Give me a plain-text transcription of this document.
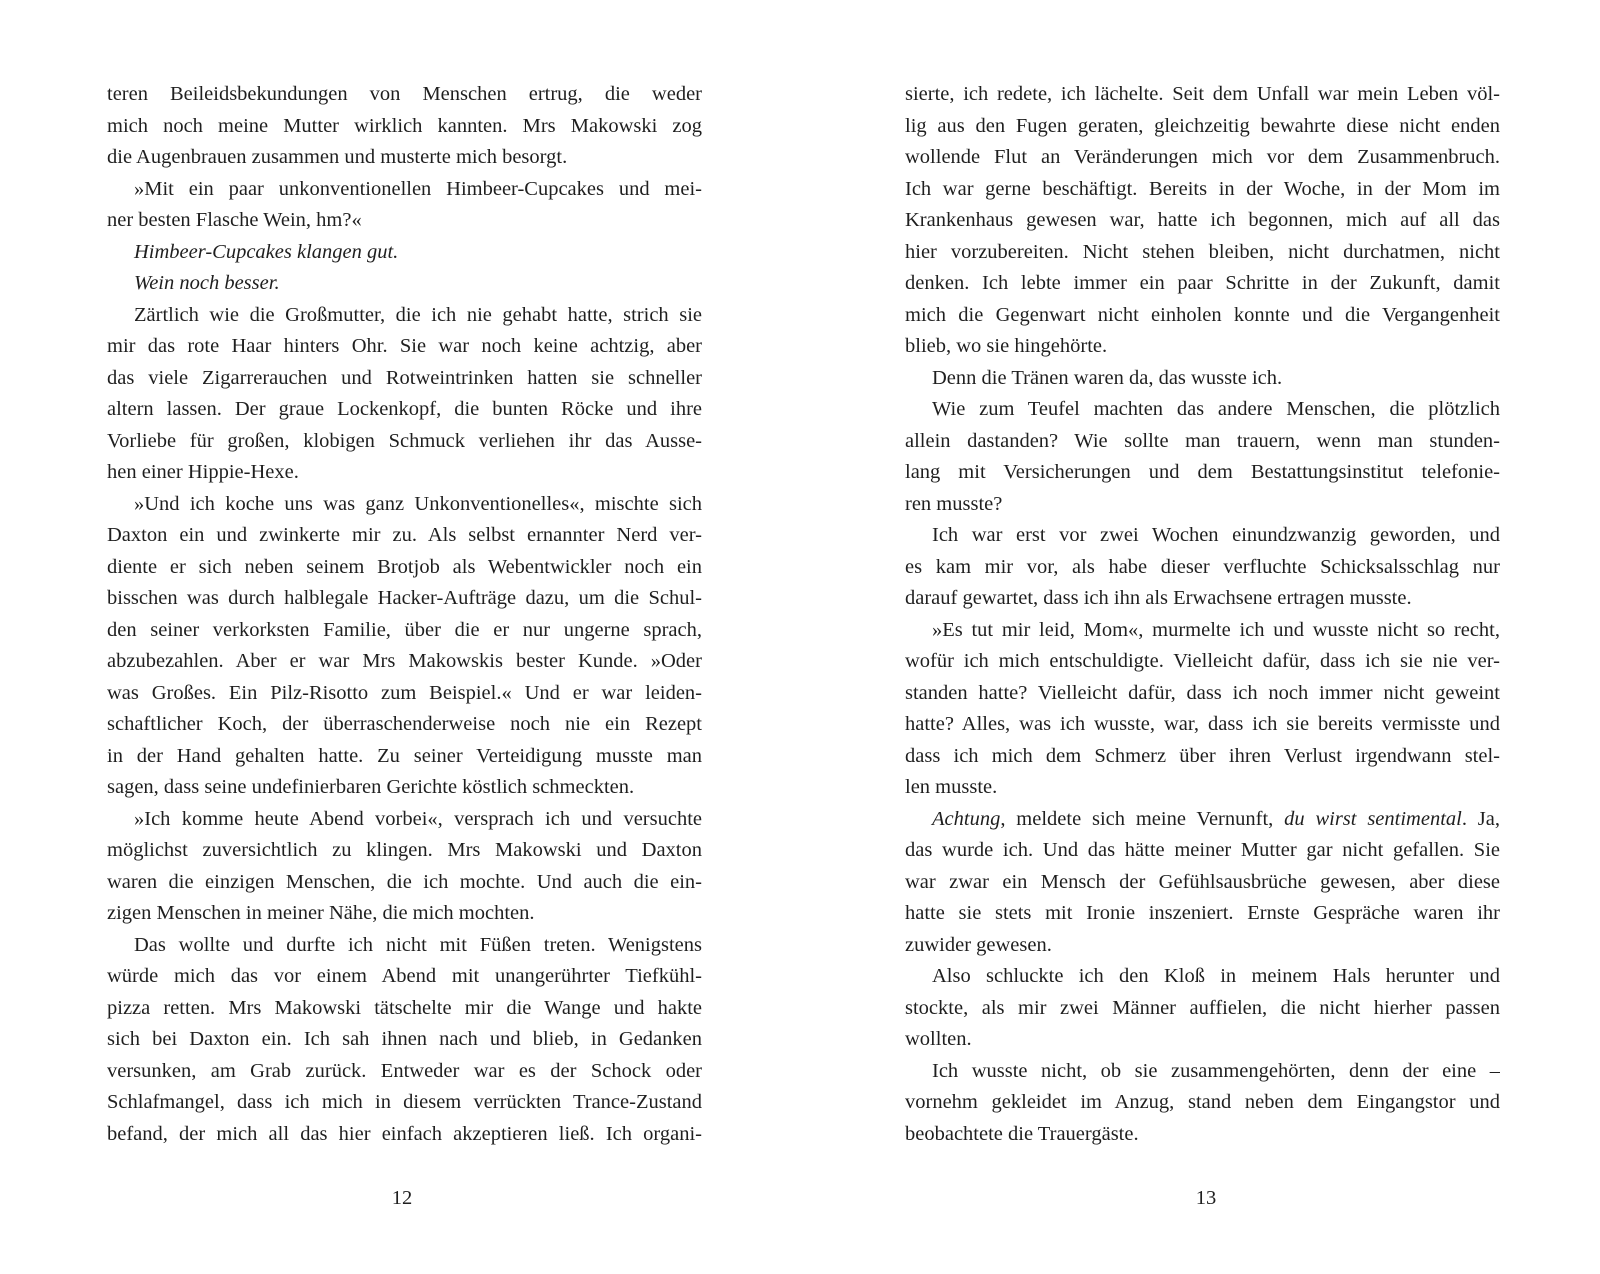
teren Beileidsbekundungen von Menschen ertrug, die weder
mich noch meine Mutter wirklich kannten. Mrs Makowski zog
die Augenbrauen zusammen und musterte mich besorgt.
»Mit ein paar unkonventionellen Himbeer-Cupcakes und mei-
ner besten Flasche Wein, hm?«
Himbeer-Cupcakes klangen gut.
Wein noch besser.
Zärtlich wie die Großmutter, die ich nie gehabt hatte, strich sie
mir das rote Haar hinters Ohr. Sie war noch keine achtzig, aber
das viele Zigarrerauchen und Rotweintrinken hatten sie schneller
altern lassen. Der graue Lockenkopf, die bunten Röcke und ihre
Vorliebe für großen, klobigen Schmuck verliehen ihr das Ausse-
hen einer Hippie-Hexe.
»Und ich koche uns was ganz Unkonventionelles«, mischte sich
Daxton ein und zwinkerte mir zu. Als selbst ernannter Nerd ver-
diente er sich neben seinem Brotjob als Webentwickler noch ein
bisschen was durch halblegale Hacker-Aufträge dazu, um die Schul-
den seiner verkorksten Familie, über die er nur ungerne sprach,
abzubezahlen. Aber er war Mrs Makowskis bester Kunde. »Oder
was Großes. Ein Pilz-Risotto zum Beispiel.« Und er war leiden-
schaftlicher Koch, der überraschenderweise noch nie ein Rezept
in der Hand gehalten hatte. Zu seiner Verteidigung musste man
sagen, dass seine undefinierbaren Gerichte köstlich schmeckten.
»Ich komme heute Abend vorbei«, versprach ich und versuchte
möglichst zuversichtlich zu klingen. Mrs Makowski und Daxton
waren die einzigen Menschen, die ich mochte. Und auch die ein-
zigen Menschen in meiner Nähe, die mich mochten.
Das wollte und durfte ich nicht mit Füßen treten. Wenigstens
würde mich das vor einem Abend mit unangerührter Tiefkühl-
pizza retten. Mrs Makowski tätschelte mir die Wange und hakte
sich bei Daxton ein. Ich sah ihnen nach und blieb, in Gedanken
versunken, am Grab zurück. Entweder war es der Schock oder
Schlafmangel, dass ich mich in diesem verrückten Trance-Zustand
befand, der mich all das hier einfach akzeptieren ließ. Ich organi-
sierte, ich redete, ich lächelte. Seit dem Unfall war mein Leben völ-
lig aus den Fugen geraten, gleichzeitig bewahrte diese nicht enden
wollende Flut an Veränderungen mich vor dem Zusammenbruch.
Ich war gerne beschäftigt. Bereits in der Woche, in der Mom im
Krankenhaus gewesen war, hatte ich begonnen, mich auf all das
hier vorzubereiten. Nicht stehen bleiben, nicht durchatmen, nicht
denken. Ich lebte immer ein paar Schritte in der Zukunft, damit
mich die Gegenwart nicht einholen konnte und die Vergangenheit
blieb, wo sie hingehörte.
Denn die Tränen waren da, das wusste ich.
Wie zum Teufel machten das andere Menschen, die plötzlich
allein dastanden? Wie sollte man trauern, wenn man stunden-
lang mit Versicherungen und dem Bestattungsinstitut telefonie-
ren musste?
Ich war erst vor zwei Wochen einundzwanzig geworden, und
es kam mir vor, als habe dieser verfluchte Schicksalsschlag nur
darauf gewartet, dass ich ihn als Erwachsene ertragen musste.
»Es tut mir leid, Mom«, murmelte ich und wusste nicht so recht,
wofür ich mich entschuldigte. Vielleicht dafür, dass ich sie nie ver-
standen hatte? Vielleicht dafür, dass ich noch immer nicht geweint
hatte? Alles, was ich wusste, war, dass ich sie bereits vermisste und
dass ich mich dem Schmerz über ihren Verlust irgendwann stel-
len musste.
Achtung, meldete sich meine Vernunft, du wirst sentimental. Ja,
das wurde ich. Und das hätte meiner Mutter gar nicht gefallen. Sie
war zwar ein Mensch der Gefühlsausbrüche gewesen, aber diese
hatte sie stets mit Ironie inszeniert. Ernste Gespräche waren ihr
zuwider gewesen.
Also schluckte ich den Kloß in meinem Hals herunter und
stockte, als mir zwei Männer auffielen, die nicht hierher passen
wollten.
Ich wusste nicht, ob sie zusammengehörten, denn der eine –
vornehm gekleidet im Anzug, stand neben dem Eingangstor und
beobachtete die Trauergäste.
12	13
